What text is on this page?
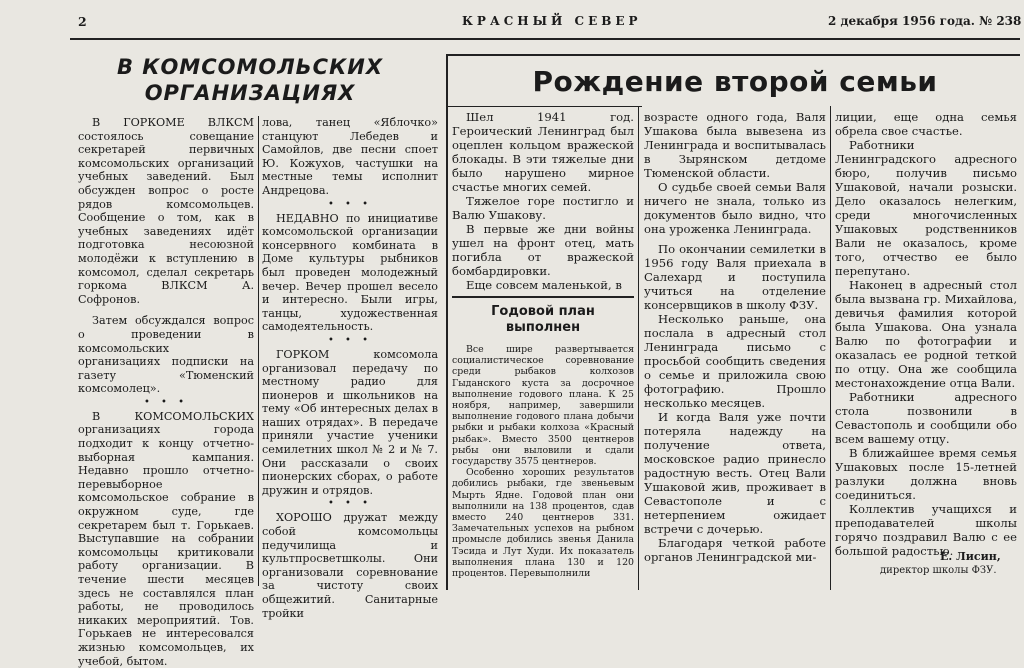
2	КРАСНЫЙ СЕВЕР	2 декабря 1956 года. № 238
В КОМСОМОЛЬСКИХ
ОРГАНИЗАЦИЯХ

В ГОРКОМЕ ВЛКСМ состоялось совещание секретарей первичных комсомольских организаций учебных заведений. Был обсужден вопрос о росте рядов комсомольцев. Сообщение о том, как в учебных заведениях идёт подготовка несоюзной молодёжи к вступлению в комсомол, сделал секретарь горкома ВЛКСМ А. Софронов.

Затем обсуждался вопрос о проведении в комсомольских организациях подписки на газету «Тюменский комсомолец».

• • •

В КОМСОМОЛЬСКИХ организациях города подходит к концу отчетно-выборная кампания. Недавно прошло отчетно-перевыборное комсомольское собрание в окружном суде, где секретарем был т. Горькаев. Выступавшие на собрании комсомольцы критиковали работу организации. В течение шести месяцев здесь не составлялся план работы, не проводилось никаких мероприятий. Тов. Горькаев не интересовался жизнью комсомольцев, их учебой, бытом.

лова, танец «Яблочко» станцуют Лебедев и Самойлов, две песни споет Ю. Кожухов, частушки на местные темы исполнит Андрецова.

• • •

НЕДАВНО по инициативе комсомольской организации консервного комбината в Доме культуры рыбников был проведен молодежный вечер. Вечер прошел весело и интересно. Были игры, танцы, художественная самодеятельность.

• • •

ГОРКОМ комсомола организовал передачу по местному радио для пионеров и школьников на тему «Об интересных делах в наших отрядах». В передаче приняли участие ученики семилетних школ № 2 и № 7. Они рассказали о своих пионерских сборах, о работе дружин и отрядов.

• • •

ХОРОШО дружат между собой комсомольцы педучилища и культпросветшколы. Они организовали соревнование за чистоту своих общежитий. Санитарные тройки

Рождение второй семьи

Шел 1941 год. Героический Ленинград был оцеплен кольцом вражеской блокады. В эти тяжелые дни было нарушено мирное счастье многих семей.

Тяжелое горе постигло и Валю Ушакову.

В первые же дни войны ушел на фронт отец, мать погибла от вражеской бомбардировки.

Еще совсем маленькой, в

Годовой план
выполнен

Все шире развертывается социалистическое соревнование среди рыбаков колхозов Гыданского куста за досрочное выполнение годового плана. К 25 ноября, например, завершили выполнение годового плана добычи рыбки и рыбаки колхоза «Красный рыбак». Вместо 3500 центнеров рыбы они выловили и сдали государству 3575 центнеров.

Особенно хороших результатов добились рыбаки, где звеньевым Мырть Ядне. Годовой план они выполнили на 138 процентов, сдав вместо 240 центнеров 331. Замечательных успехов на рыбном промысле добились звенья Данила Тэсида и Лут Худи. Их показатель выполнения плана 130 и 120 процентов. Перевыполнили

возрасте одного года, Валя Ушакова была вывезена из Ленинграда и воспитывалась в Зырянском детдоме Тюменской области.

О судьбе своей семьи Валя ничего не знала, только из документов было видно, что она уроженка Ленинграда.

По окончании семилетки в 1956 году Валя приехала в Салехард и поступила учиться на отделение консервщиков в школу ФЗУ.

Несколько раньше, она послала в адресный стол Ленинграда письмо с просьбой сообщить сведения о семье и приложила свою фотографию. Прошло несколько месяцев.

И когда Валя уже почти потеряла надежду на получение ответа, московское радио принесло радостную весть. Отец Вали Ушаковой жив, проживает в Севастополе и с нетерпением ожидает встречи с дочерью.

Благодаря четкой работе органов Ленинградской ми-

лиции, еще одна семья обрела свое счастье.

Работники Ленинградского адресного бюро, получив письмо Ушаковой, начали розыски. Дело оказалось нелегким, среди многочисленных Ушаковых родственников Вали не оказалось, кроме того, отчество ее было перепутано.

Наконец в адресный стол была вызвана гр. Михайлова, девичья фамилия которой была Ушакова. Она узнала Валю по фотографии и оказалась ее родной теткой по отцу. Она же сообщила местонахождение отца Вали.

Работники адресного стола позвонили в Севастополь и сообщили обо всем вашему отцу.

В ближайшее время семья Ушаковых после 15-летней разлуки должна вновь соединиться.

Коллектив учащихся и преподавателей школы горячо поздравил Валю с ее большой радостью.

Е. Лисин,
директор школы ФЗУ.
